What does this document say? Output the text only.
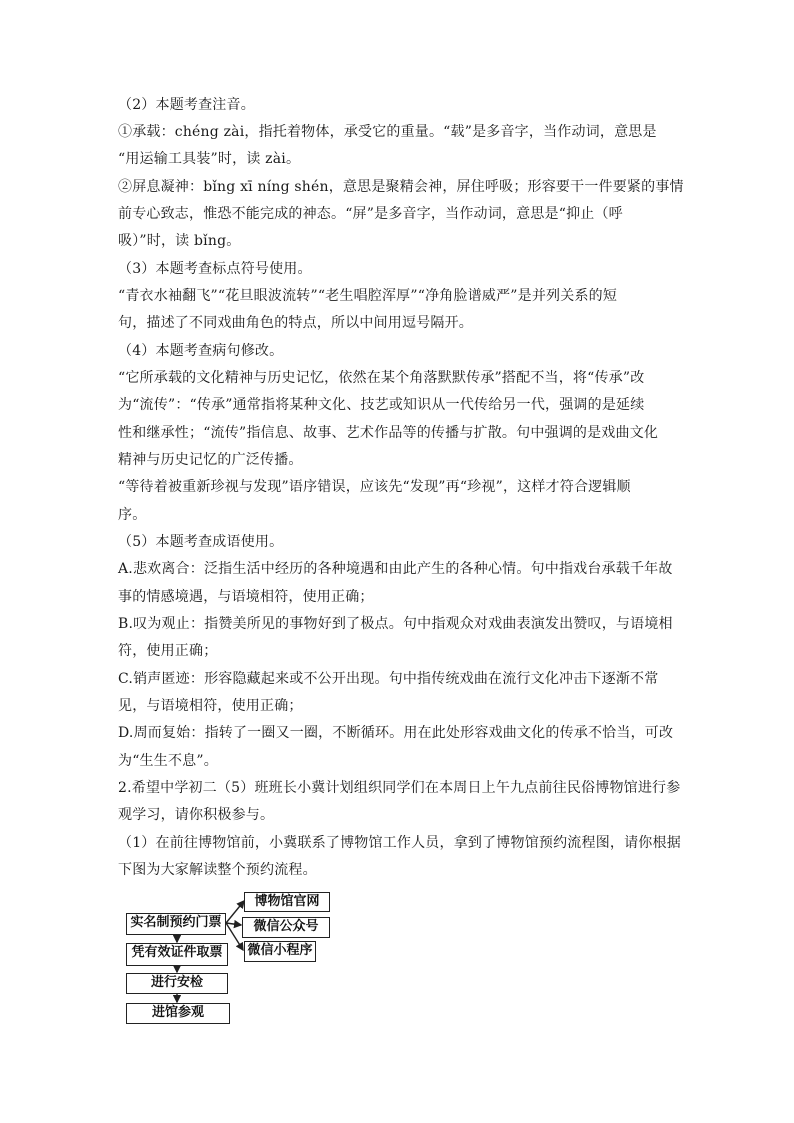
（2）本题考查注音。
①承载：chéng zài，指托着物体，承受它的重量。“载”是多音字，当作动词，意思是
“用运输工具装”时，读 zài。
②屏息凝神：bǐng xī níng shén，意思是聚精会神，屏住呼吸；形容要干一件要紧的事情
前专心致志，惟恐不能完成的神态。“屏”是多音字，当作动词，意思是“抑止（呼
吸）”时，读 bǐng。
（3）本题考查标点符号使用。
“青衣水袖翻飞”“花旦眼波流转”“老生唱腔浑厚”“净角脸谱威严”是并列关系的短
句，描述了不同戏曲角色的特点，所以中间用逗号隔开。
（4）本题考查病句修改。
“它所承载的文化精神与历史记忆，依然在某个角落默默传承”搭配不当，将“传承”改
为“流传”：“传承”通常指将某种文化、技艺或知识从一代传给另一代，强调的是延续
性和继承性；“流传”指信息、故事、艺术作品等的传播与扩散。句中强调的是戏曲文化
精神与历史记忆的广泛传播。
“等待着被重新珍视与发现”语序错误，应该先“发现”再“珍视”，这样才符合逻辑顺
序。
（5）本题考查成语使用。
A.悲欢离合：泛指生活中经历的各种境遇和由此产生的各种心情。句中指戏台承载千年故
事的情感境遇，与语境相符，使用正确；
B.叹为观止：指赞美所见的事物好到了极点。句中指观众对戏曲表演发出赞叹，与语境相
符，使用正确；
C.销声匿迹：形容隐藏起来或不公开出现。句中指传统戏曲在流行文化冲击下逐渐不常
见，与语境相符，使用正确；
D.周而复始：指转了一圈又一圈，不断循环。用在此处形容戏曲文化的传承不恰当，可改
为“生生不息”。
2.希望中学初二（5）班班长小冀计划组织同学们在本周日上午九点前往民俗博物馆进行参
观学习，请你积极参与。
（1）在前往博物馆前，小冀联系了博物馆工作人员，拿到了博物馆预约流程图，请你根据
下图为大家解读整个预约流程。
实名制预约门票
凭有效证件取票
进行安检
进馆参观
博物馆官网
微信公众号
微信小程序
